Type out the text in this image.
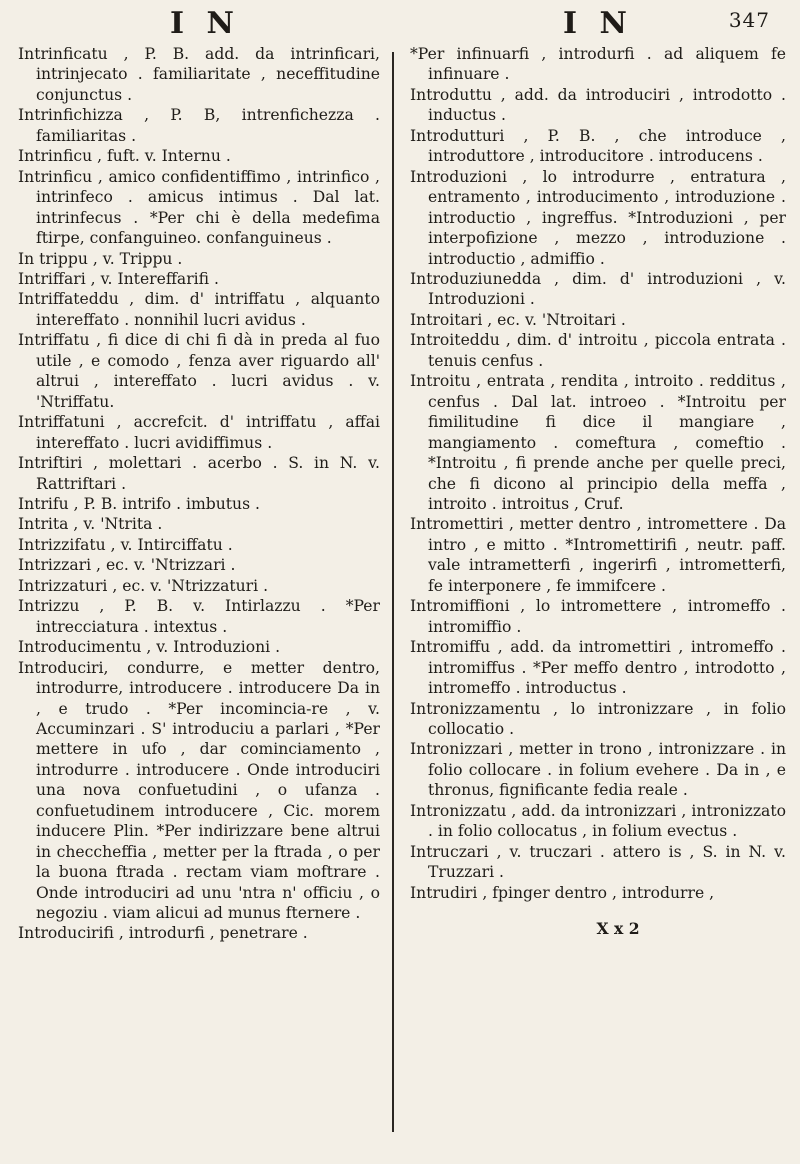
I N	I N	347

Intrinficatu , P. B. add. da intrinficari, intrinjecato . familiaritate , neceffitudine conjunctus .

Intrinfichizza , P. B, intrenfichezza . familiaritas .

Intrinficu , fuft. v. Internu .

Intrinficu , amico confidentiffimo , intrinfico , intrinfeco . amicus intimus . Dal lat. intrinfecus . *Per chi è della medefima ftirpe, confanguineo. confanguineus .

In trippu , v. Trippu .

Intriffari , v. Intereffarifi .

Intriffateddu , dim. d' intriffatu , alquanto intereffato . nonnihil lucri avidus .

Intriffatu , fi dice di chi fi dà in preda al fuo utile , e comodo , fenza aver riguardo all' altrui , intereffato . lucri avidus . v. 'Ntriffatu.

Intriffatuni , accrefcit. d' intriffatu , affai intereffato . lucri avidiffimus .

Intriftiri , molettari . acerbo . S. in N. v. Rattriftari .

Intrifu , P. B. intrifo . imbutus .

Intrita , v. 'Ntrita .

Intrizzifatu , v. Intirciffatu .

Intrizzari , ec. v. 'Ntrizzari .

Intrizzaturi , ec. v. 'Ntrizzaturi .

Intrizzu , P. B. v. Intirlazzu . *Per intrecciatura . intextus .

Introducimentu , v. Introduzioni .

Introduciri, condurre, e metter dentro, introdurre, introducere . introducere Da in , e trudo . *Per incomincia-re , v. Accuminzari . S' introduciu a parlari , *Per mettere in ufo , dar cominciamento , introdurre . introducere . Onde introduciri una nova confuetudini , o ufanza . confuetudinem introducere , Cic. morem inducere Plin. *Per indirizzare bene altrui in checcheffia , metter per la ftrada , o per la buona ftrada . rectam viam moftrare . Onde introduciri ad unu 'ntra n' officiu , o negoziu . viam alicui ad munus fternere .

Introducirifi , introdurfi , penetrare .

*Per infinuarfi , introdurfi . ad aliquem fe infinuare .

Introduttu , add. da introduciri , introdotto . inductus .

Introdutturi , P. B. , che introduce , introduttore , introducitore . introducens .

Introduzioni , lo introdurre , entratura , entramento , introducimento , introduzione . introductio , ingreffus. *Introduzioni , per interpofizione , mezzo , introduzione . introductio , admiffio .

Introduziunedda , dim. d' introduzioni , v. Introduzioni .

Introitari , ec. v. 'Ntroitari .

Introiteddu , dim. d' introitu , piccola entrata . tenuis cenfus .

Introitu , entrata , rendita , introito . redditus , cenfus . Dal lat. introeo . *Introitu per fimilitudine fi dice il mangiare , mangiamento . comeftura , comeftio . *Introitu , fi prende anche per quelle preci, che fi dicono al principio della meffa , introito . introitus , Cruf.

Intromettiri , metter dentro , intromettere . Da intro , e mitto . *Intromettirifi , neutr. paff. vale intrametterfi , ingerirfi , intrometterfi, fe interponere , fe immifcere .

Intromiffioni , lo intromettere , intromeffo . intromiffio .

Intromiffu , add. da intromettiri , intromeffo . intromiffus . *Per meffo dentro , introdotto , intromeffo . introductus .

Intronizzamentu , lo intronizzare , in folio collocatio .

Intronizzari , metter in trono , intronizzare . in folio collocare . in folium evehere . Da in , e thronus, fignificante fedia reale .

Intronizzatu , add. da intronizzari , intronizzato . in folio collocatus , in folium evectus .

Intruczari , v. truczari . attero is , S. in N. v. Truzzari .

Intrudiri , fpinger dentro , introdurre ,

X x 2
